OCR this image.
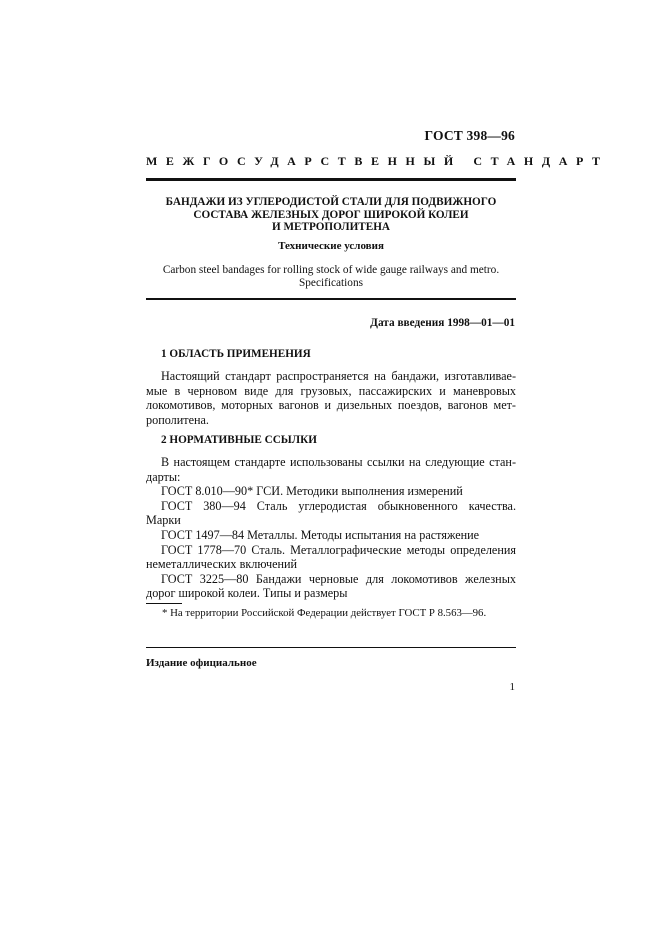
ГОСТ 398—96
МЕЖГОСУДАРСТВЕННЫЙ СТАНДАРТ
БАНДАЖИ ИЗ УГЛЕРОДИСТОЙ СТАЛИ ДЛЯ ПОДВИЖНОГО
СОСТАВА ЖЕЛЕЗНЫХ ДОРОГ ШИРОКОЙ КОЛЕИ
И МЕТРОПОЛИТЕНА
Технические условия
Carbon steel bandages for rolling stock of wide gauge railways and metro.
Specifications
Дата введения 1998—01—01
1 ОБЛАСТЬ ПРИМЕНЕНИЯ
Настоящий стандарт распространяется на бандажи, изготавливае-
мые в черновом виде для грузовых, пассажирских и маневровых
локомотивов, моторных вагонов и дизельных поездов, вагонов мет-
рополитена.
2 НОРМАТИВНЫЕ ССЫЛКИ
В настоящем стандарте использованы ссылки на следующие стан-
дарты:
ГОСТ 8.010—90* ГСИ. Методики выполнения измерений
ГОСТ 380—94 Сталь углеродистая обыкновенного качества.
Марки
ГОСТ 1497—84 Металлы. Методы испытания на растяжение
ГОСТ 1778—70 Сталь. Металлографические методы определения
неметаллических включений
ГОСТ 3225—80 Бандажи черновые для локомотивов железных
дорог широкой колеи. Типы и размеры
* На территории Российской Федерации действует ГОСТ Р 8.563—96.
Издание официальное
1
